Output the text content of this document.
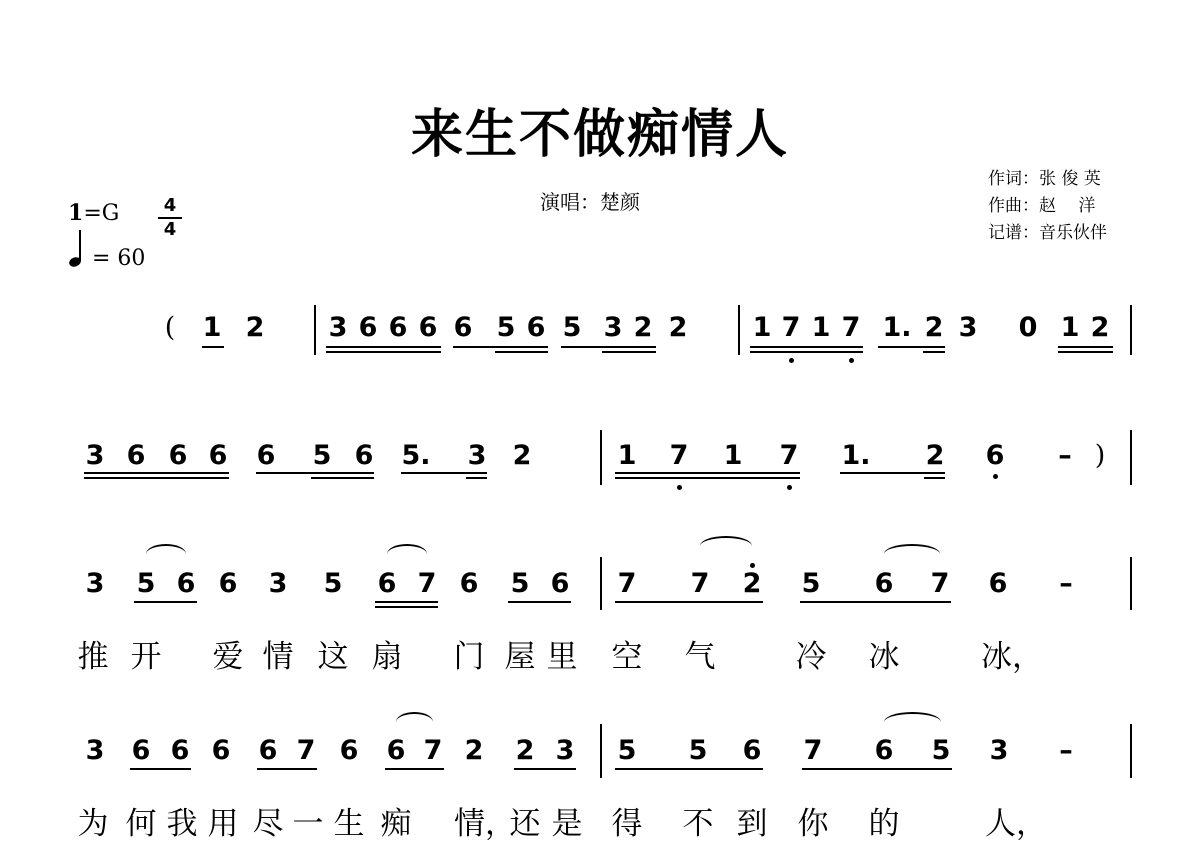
来生不做痴情人
演唱：楚颜
作词：张 俊 英
作曲：赵　 洋
记谱：音乐伙伴
1=G	4
4
= 60
( 1 2 3 6 6 6 6 5 6 5 3 2 2 1 7 1 7 1. 2 3 0 1 2
3 6 6 6 6 5 6 5. 3 2	1 7 1 7 1. 2 6 – )
3 5 6 6 3 5 6 7 6 5 6 7 7 2 5 6 7 6 –
推 开 爱 情 这 扇 门 屋 里 空 气	冷 冰	冰，
3 6 6 6 6 7 6 6 7 2 2 3 5 5 6 7 6 5 3 –
为 何 我 用 尽 一 生 痴 情，
还 是 得 不 到 你 的	人，
